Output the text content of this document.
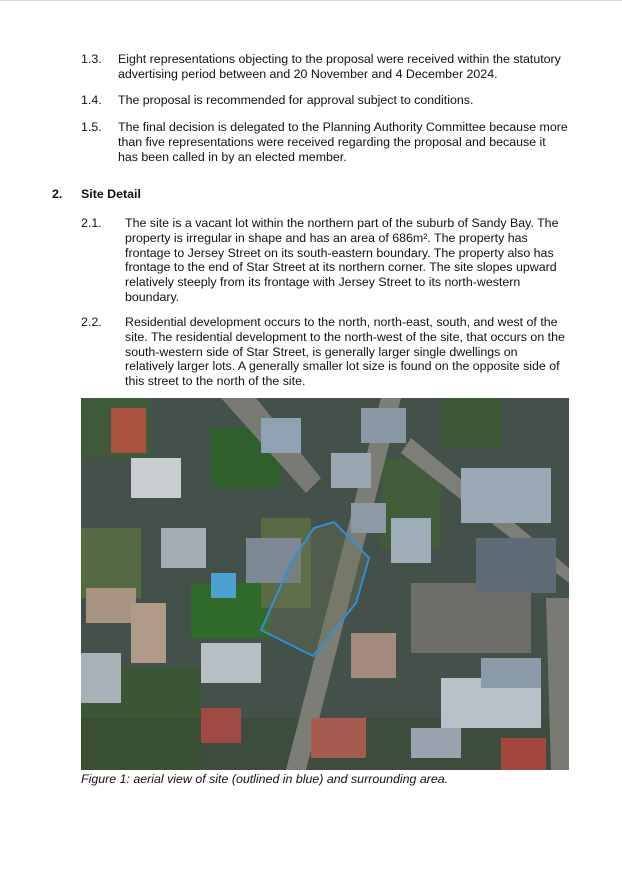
1.3. Eight representations objecting to the proposal were received within the statutory advertising period between and 20 November and 4 December 2024.
1.4. The proposal is recommended for approval subject to conditions.
1.5. The final decision is delegated to the Planning Authority Committee because more than five representations were received regarding the proposal and because it has been called in by an elected member.
2. Site Detail
2.1. The site is a vacant lot within the northern part of the suburb of Sandy Bay. The property is irregular in shape and has an area of 686m². The property has frontage to Jersey Street on its south-eastern boundary. The property also has frontage to the end of Star Street at its northern corner. The site slopes upward relatively steeply from its frontage with Jersey Street to its north-western boundary.
2.2. Residential development occurs to the north, north-east, south, and west of the site. The residential development to the north-west of the site, that occurs on the south-western side of Star Street, is generally larger single dwellings on relatively larger lots. A generally smaller lot size is found on the opposite side of this street to the north of the site.
Figure 1: aerial view of site (outlined in blue) and surrounding area.
